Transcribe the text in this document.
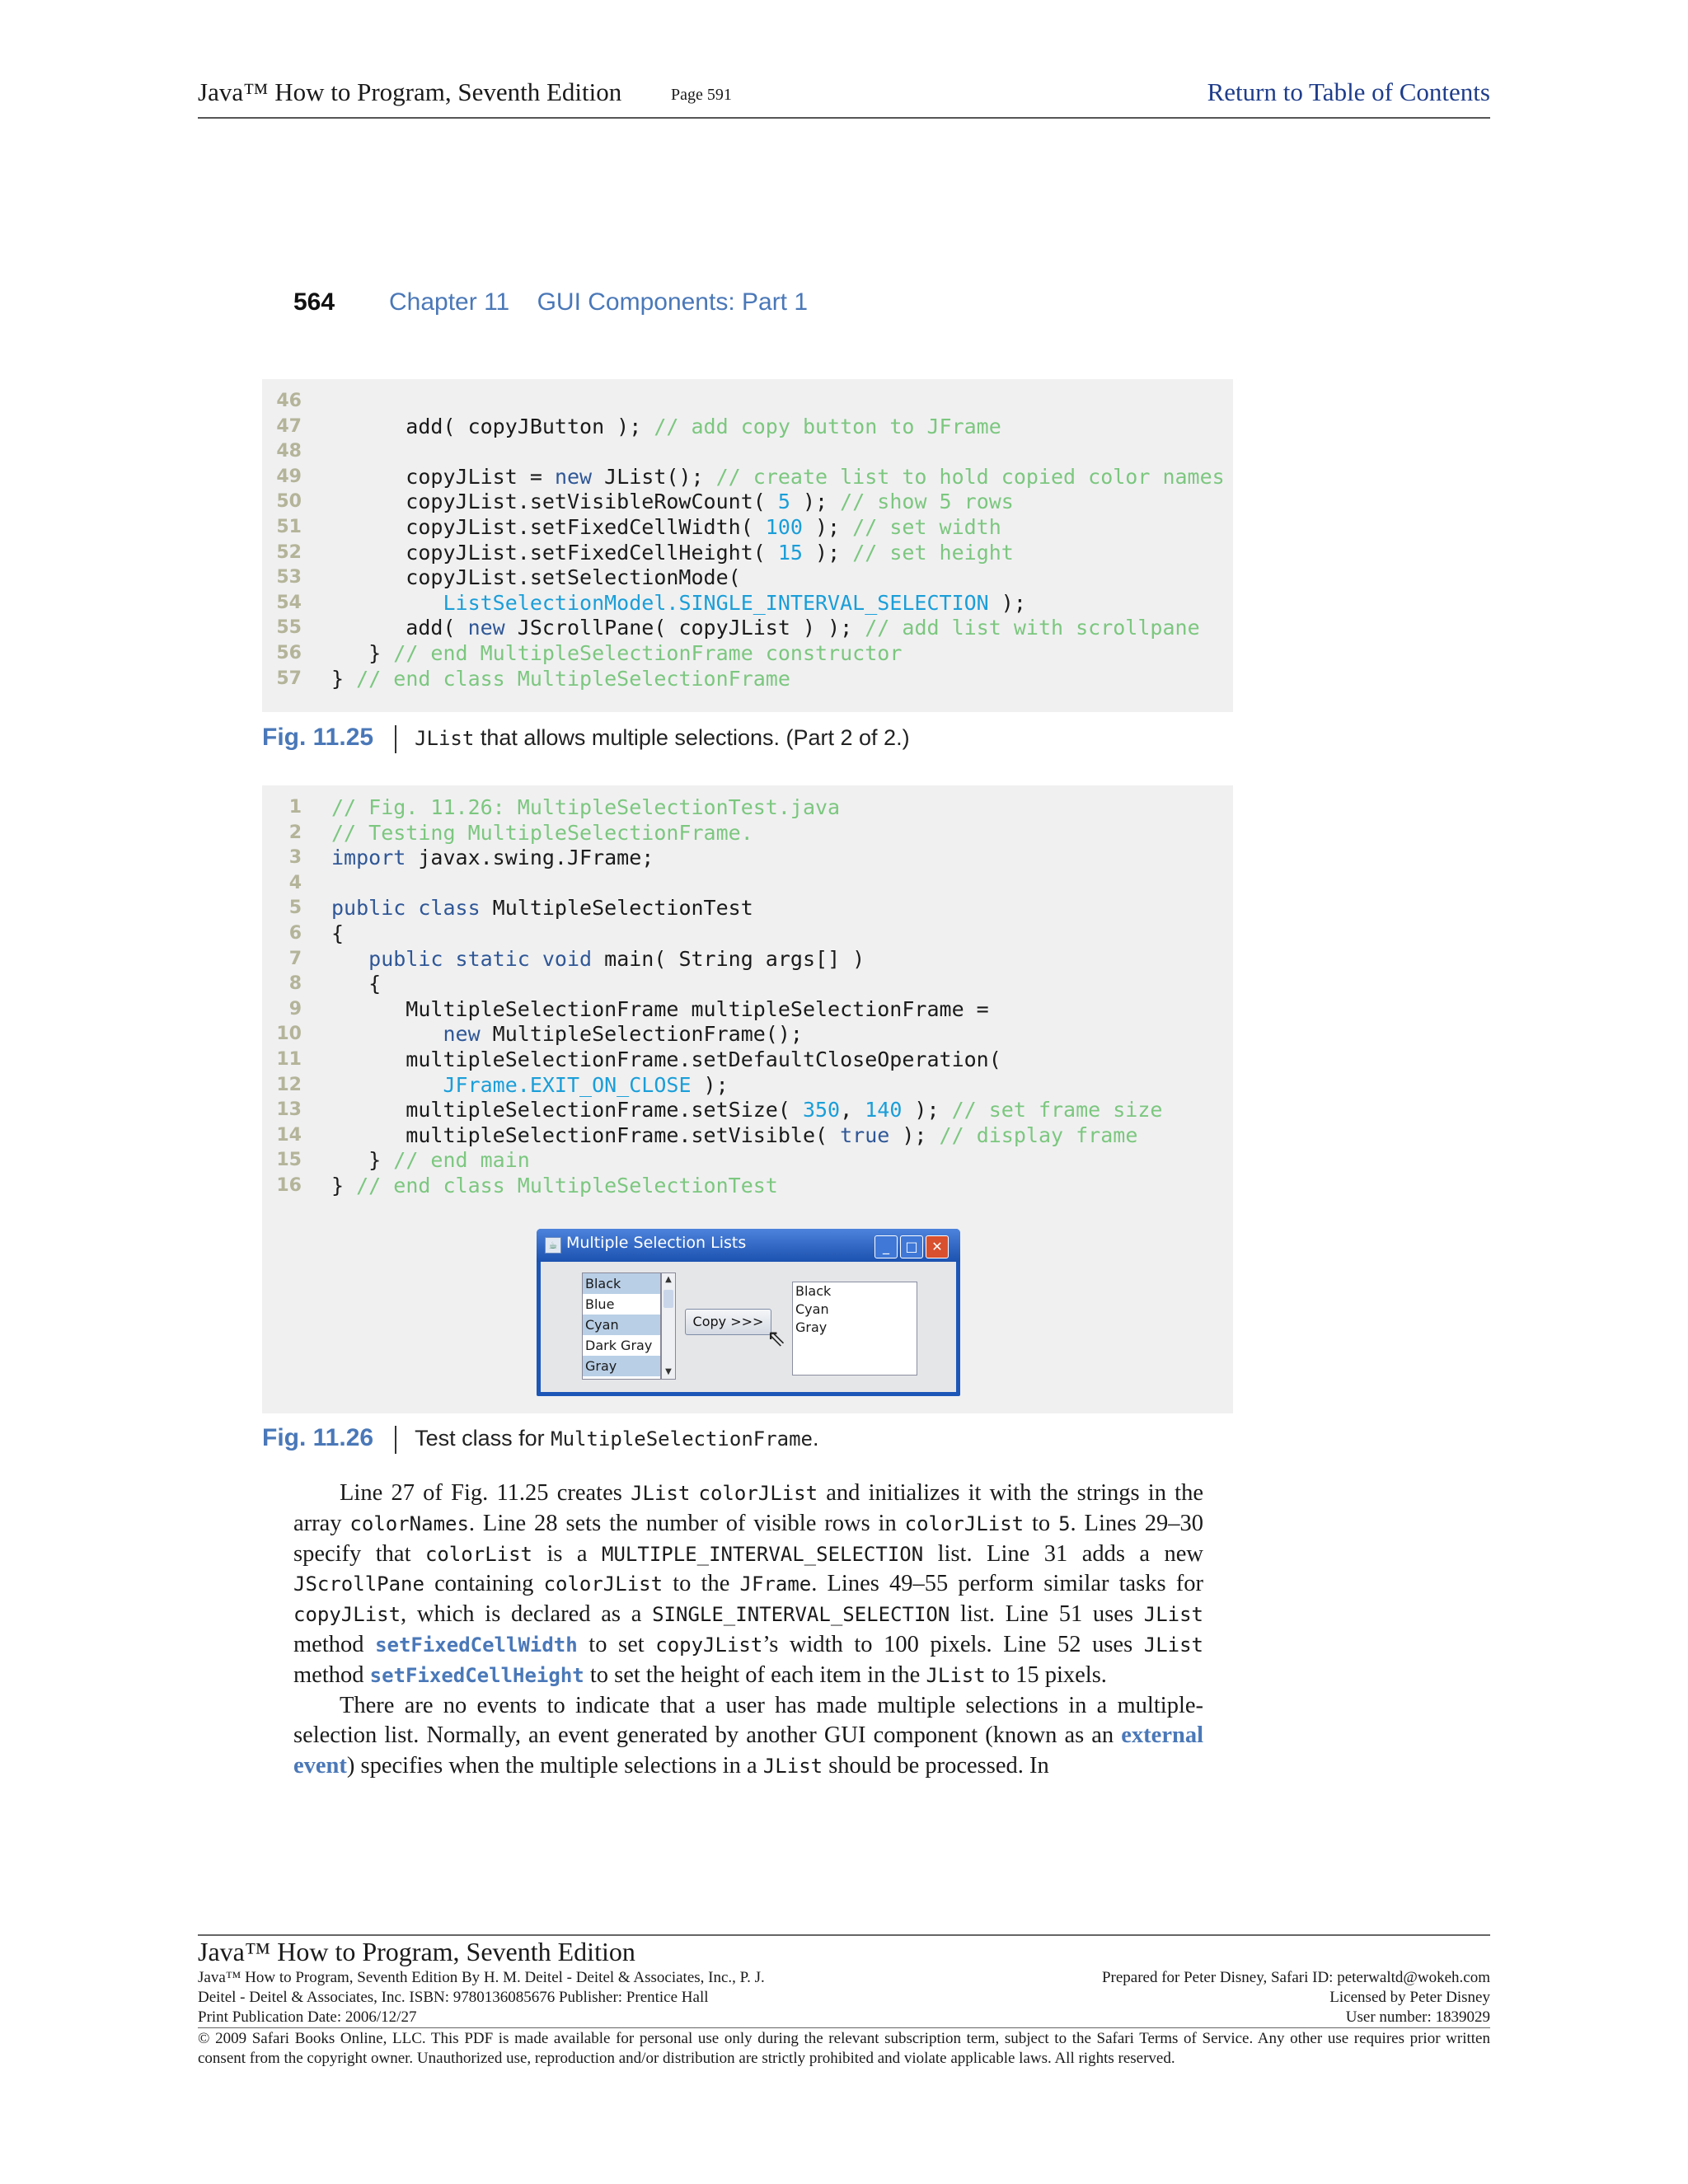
Java™ How to Program, Seventh Edition	Page 591	Return to Table of Contents
564 Chapter 11 GUI Components: Part 1
46
47 add( copyJButton ); // add copy button to JFrame
48
49 copyJList = new JList(); // create list to hold copied color names
50 copyJList.setVisibleRowCount( 5 ); // show 5 rows
51 copyJList.setFixedCellWidth( 100 ); // set width
52 copyJList.setFixedCellHeight( 15 ); // set height
53 copyJList.setSelectionMode(
54	ListSelectionModel.SINGLE_INTERVAL_SELECTION );
55 add( new JScrollPane( copyJList ) ); // add list with scrollpane
56 } // end MultipleSelectionFrame constructor
57 } // end class MultipleSelectionFrame
Fig. 11.25 JList that allows multiple selections. (Part 2 of 2.)
1 // Fig. 11.26: MultipleSelectionTest.java
2 // Testing MultipleSelectionFrame.
3 import javax.swing.JFrame;
4
5 public class MultipleSelectionTest
6 {
7	public static void main( String args[] )
8 {
9 MultipleSelectionFrame multipleSelectionFrame =
10	new MultipleSelectionFrame();
11 multipleSelectionFrame.setDefaultCloseOperation(
12	JFrame.EXIT_ON_CLOSE );
13 multipleSelectionFrame.setSize( 350, 140 ); // set frame size
14 multipleSelectionFrame.setVisible( true ); // display frame
15 } // end main
16 } // end class MultipleSelectionTest
☕ Multiple Selection Lists	_	□	✕
Black
Blue
Cyan
Dark Gray
Gray
▲
▼
Copy >>>
⇖
Black
Cyan
Gray
Fig. 11.26 Test class for MultipleSelectionFrame.

Line 27 of Fig. 11.25 creates JList colorJList and initializes it with the strings in the array colorNames. Line 28 sets the number of visible rows in colorJList to 5. Lines 29–30 specify that colorList is a MULTIPLE_INTERVAL_SELECTION list. Line 31 adds a new JScrollPane containing colorJList to the JFrame. Lines 49–55 perform similar tasks for copyJList, which is declared as a SINGLE_INTERVAL_SELECTION list. Line 51 uses JList method setFixedCellWidth to set copyJList’s width to 100 pixels. Line 52 uses JList method setFixedCellHeight to set the height of each item in the JList to 15 pixels.

There are no events to indicate that a user has made multiple selections in a multiple-selection list. Normally, an event generated by another GUI component (known as an external event) specifies when the multiple selections in a JList should be processed. In

Java™ How to Program, Seventh Edition
Java™ How to Program, Seventh Edition By H. M. Deitel - Deitel & Associates, Inc., P. J.
Deitel - Deitel & Associates, Inc. ISBN: 9780136085676 Publisher: Prentice Hall
Print Publication Date: 2006/12/27
Prepared for Peter Disney, Safari ID: peterwaltd@wokeh.com
Licensed by Peter Disney
User number: 1839029
© 2009 Safari Books Online, LLC. This PDF is made available for personal use only during the relevant subscription term, subject to the Safari Terms of Service. Any other use requires prior written consent from the copyright owner. Unauthorized use, reproduction and/or distribution are strictly prohibited and violate applicable laws. All rights reserved.
